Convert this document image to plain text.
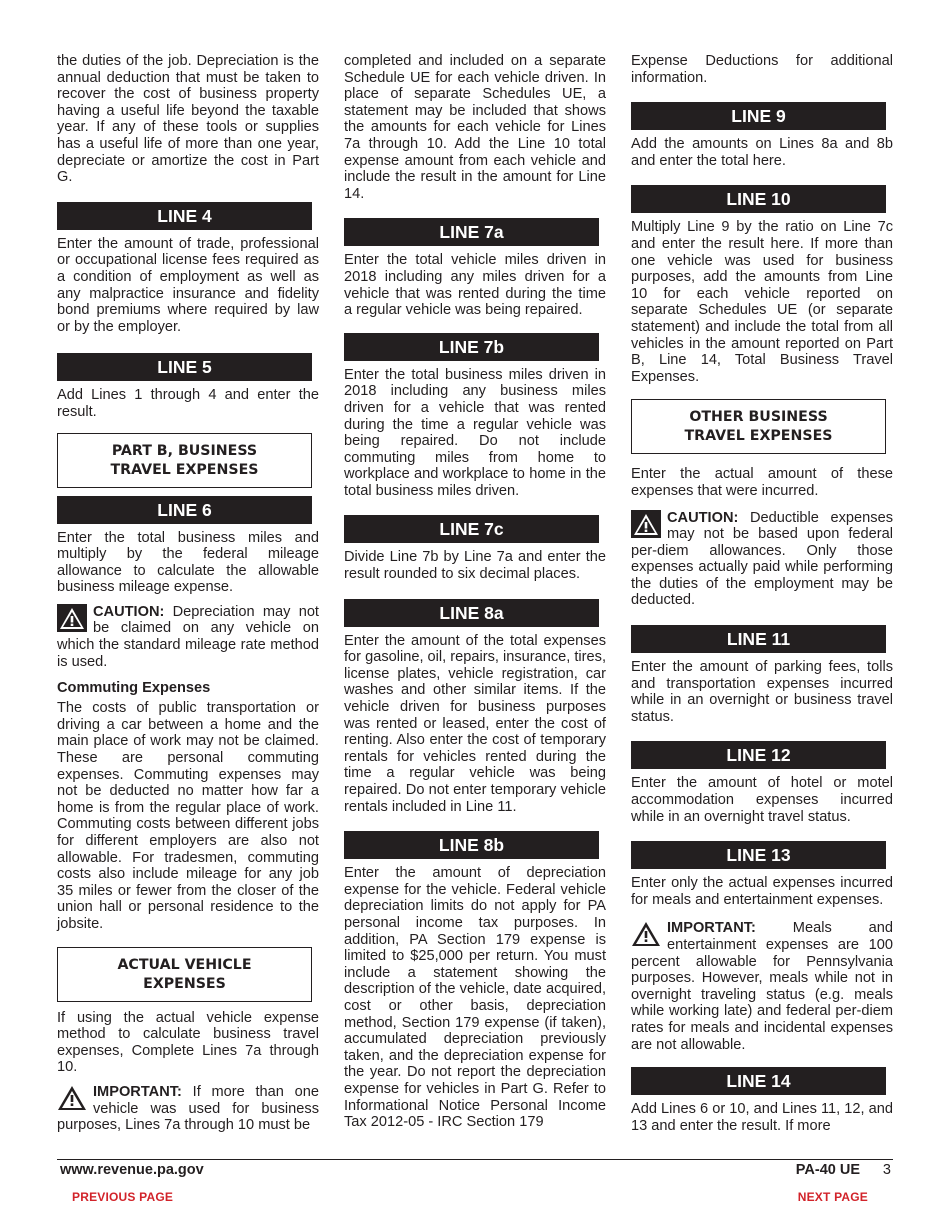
the duties of the job. Depreciation is the annual deduction that must be taken to recover the cost of business property having a useful life beyond the taxable year. If any of these tools or supplies has a useful life of more than one year, depreciate or amortize the cost in Part G.

LINE 4

Enter the amount of trade, professional or occupational license fees required as a condition of employment as well as any malpractice insurance and fidelity bond premiums where required by law or by the employer.

LINE 5

Add Lines 1 through 4 and enter the result.

PART B, BUSINESS
TRAVEL EXPENSES
LINE 6

Enter the total business miles and multiply by the federal mileage allowance to calculate the allowable business mileage expense.

CAUTION: Depreciation may not be claimed on any vehicle on which the standard mileage rate method is used.

Commuting Expenses

The costs of public transportation or driving a car between a home and the main place of work may not be claimed. These are personal commuting expenses. Commuting expenses may not be deducted no matter how far a home is from the regular place of work. Commuting costs between different jobs for different employers are also not allowable. For tradesmen, commuting costs also include mileage for any job 35 miles or fewer from the closer of the union hall or personal residence to the jobsite.

ACTUAL VEHICLE
EXPENSES

If using the actual vehicle expense method to calculate business travel expenses, Complete Lines 7a through 10.

IMPORTANT: If more than one vehicle was used for business purposes, Lines 7a through 10 must be

completed and included on a separate Schedule UE for each vehicle driven. In place of separate Schedules UE, a statement may be included that shows the amounts for each vehicle for Lines 7a through 10. Add the Line 10 total expense amount from each vehicle and include the result in the amount for Line 14.

LINE 7a

Enter the total vehicle miles driven in 2018 including any miles driven for a vehicle that was rented during the time a regular vehicle was being repaired.

LINE 7b

Enter the total business miles driven in 2018 including any business miles driven for a vehicle that was rented during the time a regular vehicle was being repaired. Do not include commuting miles from home to workplace and workplace to home in the total business miles driven.

LINE 7c

Divide Line 7b by Line 7a and enter the result rounded to six decimal places.

LINE 8a

Enter the amount of the total expenses for gasoline, oil, repairs, insurance, tires, license plates, vehicle registration, car washes and other similar items. If the vehicle driven for business purposes was rented or leased, enter the cost of renting. Also enter the cost of temporary rentals for vehicles rented during the time a regular vehicle was being repaired. Do not enter temporary vehicle rentals included in Line 11.

LINE 8b

Enter the amount of depreciation expense for the vehicle. Federal vehicle depreciation limits do not apply for PA personal income tax purposes. In addition, PA Section 179 expense is limited to $25,000 per return. You must include a statement showing the description of the vehicle, date acquired, cost or other basis, depreciation method, Section 179 expense (if taken), accumulated depreciation previously taken, and the depreciation expense for the year. Do not report the depreciation expense for vehicles in Part G. Refer to Informational Notice Personal Income Tax 2012-05 - IRC Section 179

Expense Deductions for additional information.

LINE 9

Add the amounts on Lines 8a and 8b and enter the total here.

LINE 10

Multiply Line 9 by the ratio on Line 7c and enter the result here. If more than one vehicle was used for business purposes, add the amounts from Line 10 for each vehicle reported on separate Schedules UE (or separate statement) and include the total from all vehicles in the amount reported on Part B, Line 14, Total Business Travel Expenses.

OTHER BUSINESS
TRAVEL EXPENSES

Enter the actual amount of these expenses that were incurred.

CAUTION: Deductible expenses may not be based upon federal per-diem allowances. Only those expenses actually paid while performing the duties of the employment may be deducted.

LINE 11

Enter the amount of parking fees, tolls and transportation expenses incurred while in an overnight or business travel status.

LINE 12

Enter the amount of hotel or motel accommodation expenses incurred while in an overnight travel status.

LINE 13

Enter only the actual expenses incurred for meals and entertainment expenses.

IMPORTANT: Meals and entertainment expenses are 100 percent allowable for Pennsylvania purposes. However, meals while not in overnight traveling status (e.g. meals while working late) and federal per-diem rates for meals and incidental expenses are not allowable.

LINE 14

Add Lines 6 or 10, and Lines 11, 12, and 13 and enter the result. If more

www.revenue.pa.gov	PA-40 UE 3
PREVIOUS PAGE	NEXT PAGE
